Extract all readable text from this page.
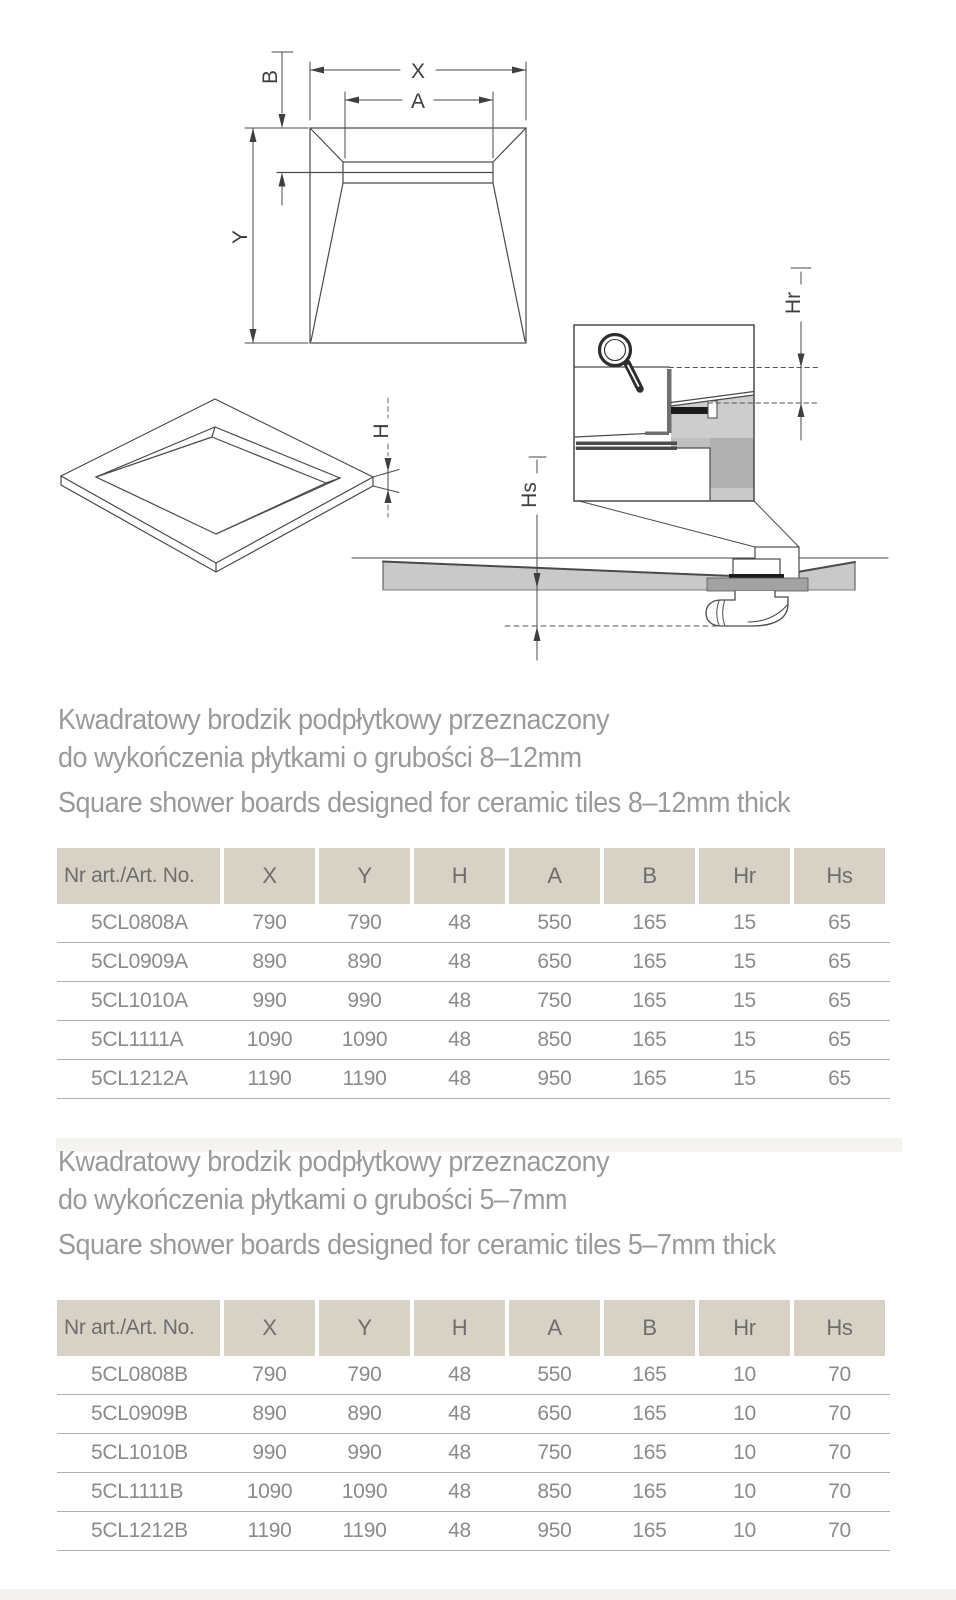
X
A
B
Y
H
Hr
Hs
Kwadratowy brodzik podpłytkowy przeznaczony
do wykończenia płytkami o grubości 8–12mm
Square shower boards designed for ceramic tiles 8–12mm thick
Nr art./Art. No.	X	Y	H	A	B	Hr	Hs
5CL0808A	790	790	48	550	165	15	65
5CL0909A	890	890	48	650	165	15	65
5CL1010A	990	990	48	750	165	15	65
5CL1111A	1090	1090	48	850	165	15	65
5CL1212A	1190	1190	48	950	165	15	65
Kwadratowy brodzik podpłytkowy przeznaczony
do wykończenia płytkami o grubości 5–7mm
Square shower boards designed for ceramic tiles 5–7mm thick
Nr art./Art. No.	X	Y	H	A	B	Hr	Hs
5CL0808B	790	790	48	550	165	10	70
5CL0909B	890	890	48	650	165	10	70
5CL1010B	990	990	48	750	165	10	70
5CL1111B	1090	1090	48	850	165	10	70
5CL1212B	1190	1190	48	950	165	10	70
